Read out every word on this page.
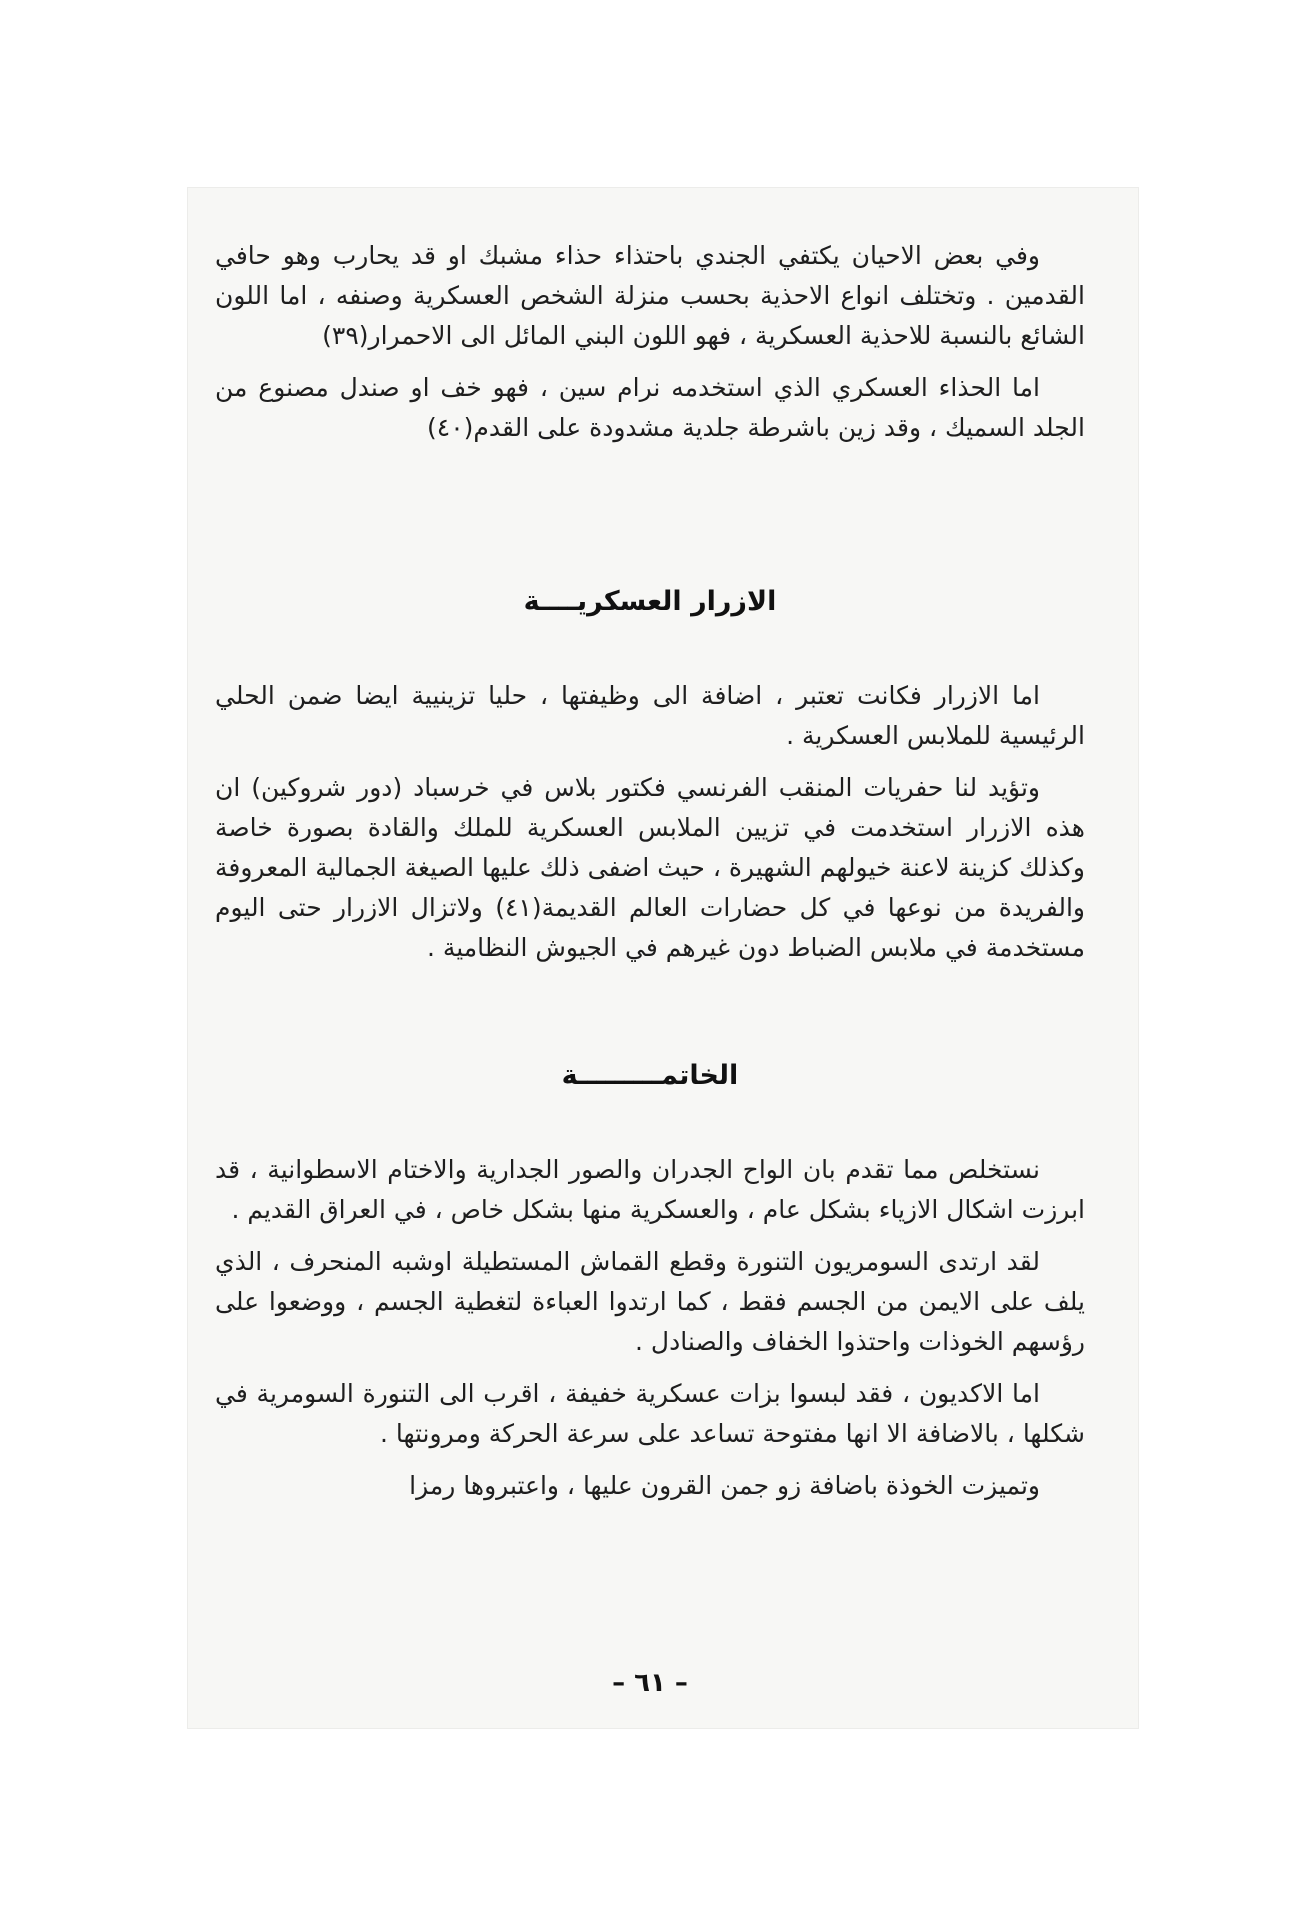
وفي بعض الاحيان يكتفي الجندي باحتذاء حذاء مشبك او قد يحارب وهو حافي القدمين . وتختلف انواع الاحذية بحسب منزلة الشخص العسكرية وصنفه ، اما اللون الشائع بالنسبة للاحذية العسكرية ، فهو اللون البني المائل الى الاحمرار(٣٩)

اما الحذاء العسكري الذي استخدمه نرام سين ، فهو خف او صندل مصنوع من الجلد السميك ، وقد زين باشرطة جلدية مشدودة على القدم(٤٠)

الازرار العسكريــــة

اما الازرار فكانت تعتبر ، اضافة الى وظيفتها ، حليا تزينيية ايضا ضمن الحلي الرئيسية للملابس العسكرية .

وتؤيد لنا حفريات المنقب الفرنسي فكتور بلاس في خرسباد (دور شروكين) ان هذه الازرار استخدمت في تزيين الملابس العسكرية للملك والقادة بصورة خاصة وكذلك كزينة لاعنة خيولهم الشهيرة ، حيث اضفى ذلك عليها الصيغة الجمالية المعروفة والفريدة من نوعها في كل حضارات العالم القديمة(٤١) ولاتزال الازرار حتى اليوم مستخدمة في ملابس الضباط دون غيرهم في الجيوش النظامية .

الخاتمـــــــــة

نستخلص مما تقدم بان الواح الجدران والصور الجدارية والاختام الاسطوانية ، قد ابرزت اشكال الازياء بشكل عام ، والعسكرية منها بشكل خاص ، في العراق القديم .

لقد ارتدى السومريون التنورة وقطع القماش المستطيلة اوشبه المنحرف ، الذي يلف على الايمن من الجسم فقط ، كما ارتدوا العباءة لتغطية الجسم ، ووضعوا على رؤسهم الخوذات واحتذوا الخفاف والصنادل .

اما الاكديون ، فقد لبسوا بزات عسكرية خفيفة ، اقرب الى التنورة السومرية في شكلها ، بالاضافة الا انها مفتوحة تساعد على سرعة الحركة ومرونتها .

وتميزت الخوذة باضافة زو جمن القرون عليها ، واعتبروها رمزا

– ٦١ –
